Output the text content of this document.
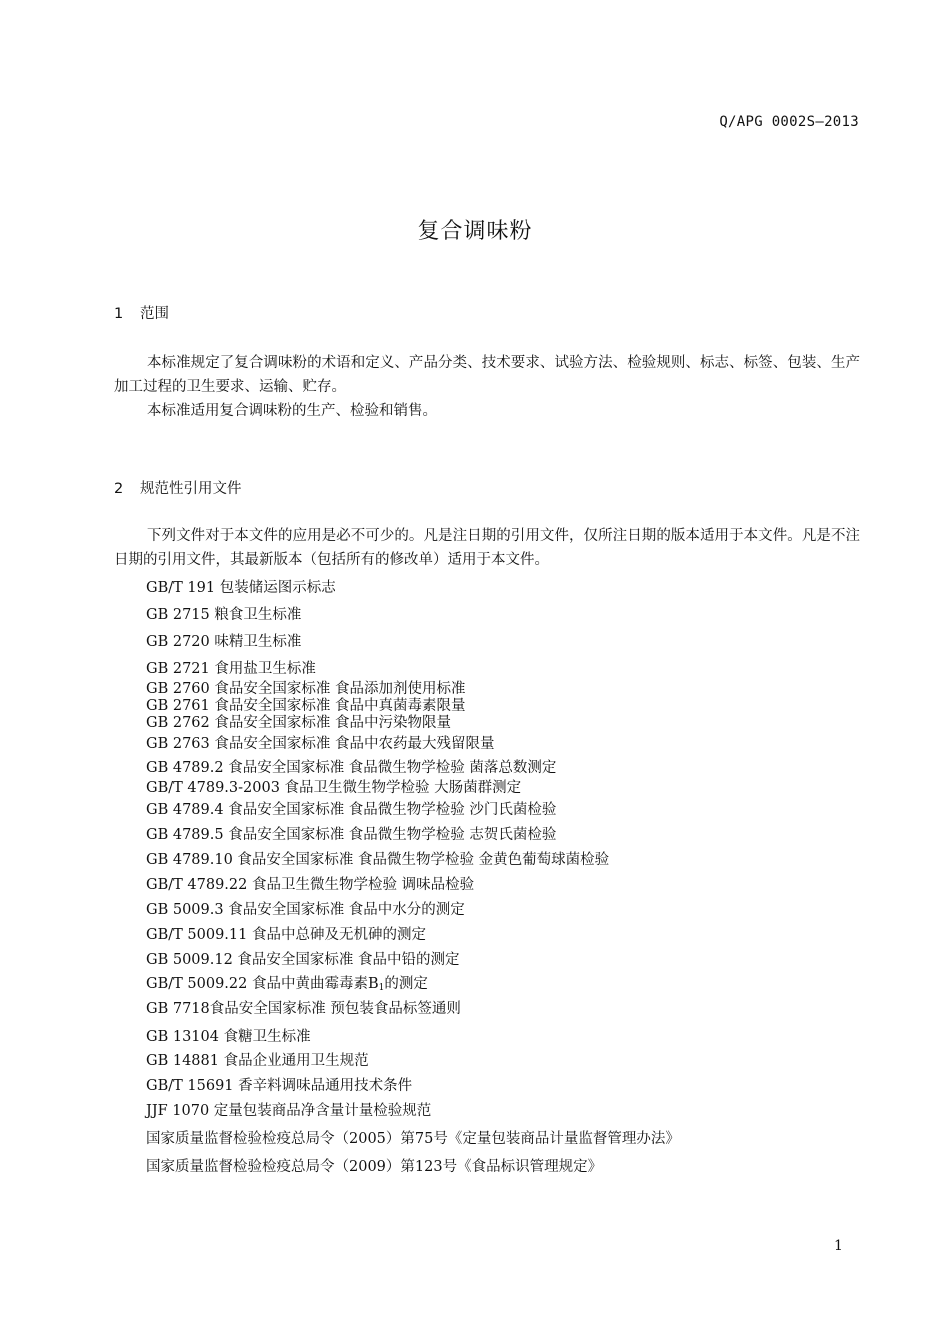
Q/APG 0002S—2013
复合调味粉
1 范围

本标准规定了复合调味粉的术语和定义、产品分类、技术要求、试验方法、检验规则、标志、标签、包装、生产加工过程的卫生要求、运输、贮存。

本标准适用复合调味粉的生产、检验和销售。

2 规范性引用文件

下列文件对于本文件的应用是必不可少的。凡是注日期的引用文件，仅所注日期的版本适用于本文件。凡是不注日期的引用文件，其最新版本（包括所有的修改单）适用于本文件。

GB/T 191 包装储运图示标志
GB 2715 粮食卫生标准
GB 2720 味精卫生标准
GB 2721 食用盐卫生标准
GB 2760 食品安全国家标准 食品添加剂使用标准
GB 2761 食品安全国家标准 食品中真菌毒素限量
GB 2762 食品安全国家标准 食品中污染物限量
GB 2763 食品安全国家标准 食品中农药最大残留限量
GB 4789.2 食品安全国家标准 食品微生物学检验 菌落总数测定
GB/T 4789.3-2003 食品卫生微生物学检验 大肠菌群测定
GB 4789.4 食品安全国家标准 食品微生物学检验 沙门氏菌检验
GB 4789.5 食品安全国家标准 食品微生物学检验 志贺氏菌检验
GB 4789.10 食品安全国家标准 食品微生物学检验 金黄色葡萄球菌检验
GB/T 4789.22 食品卫生微生物学检验 调味品检验
GB 5009.3 食品安全国家标准 食品中水分的测定
GB/T 5009.11 食品中总砷及无机砷的测定
GB 5009.12 食品安全国家标准 食品中铅的测定
GB/T 5009.22 食品中黄曲霉毒素$B_1$的测定
GB 7718食品安全国家标准 预包装食品标签通则
GB 13104 食糖卫生标准
GB 14881 食品企业通用卫生规范
GB/T 15691 香辛料调味品通用技术条件
JJF 1070 定量包装商品净含量计量检验规范
国家质量监督检验检疫总局令（2005）第75号《定量包装商品计量监督管理办法》
国家质量监督检验检疫总局令（2009）第123号《食品标识管理规定》
1
